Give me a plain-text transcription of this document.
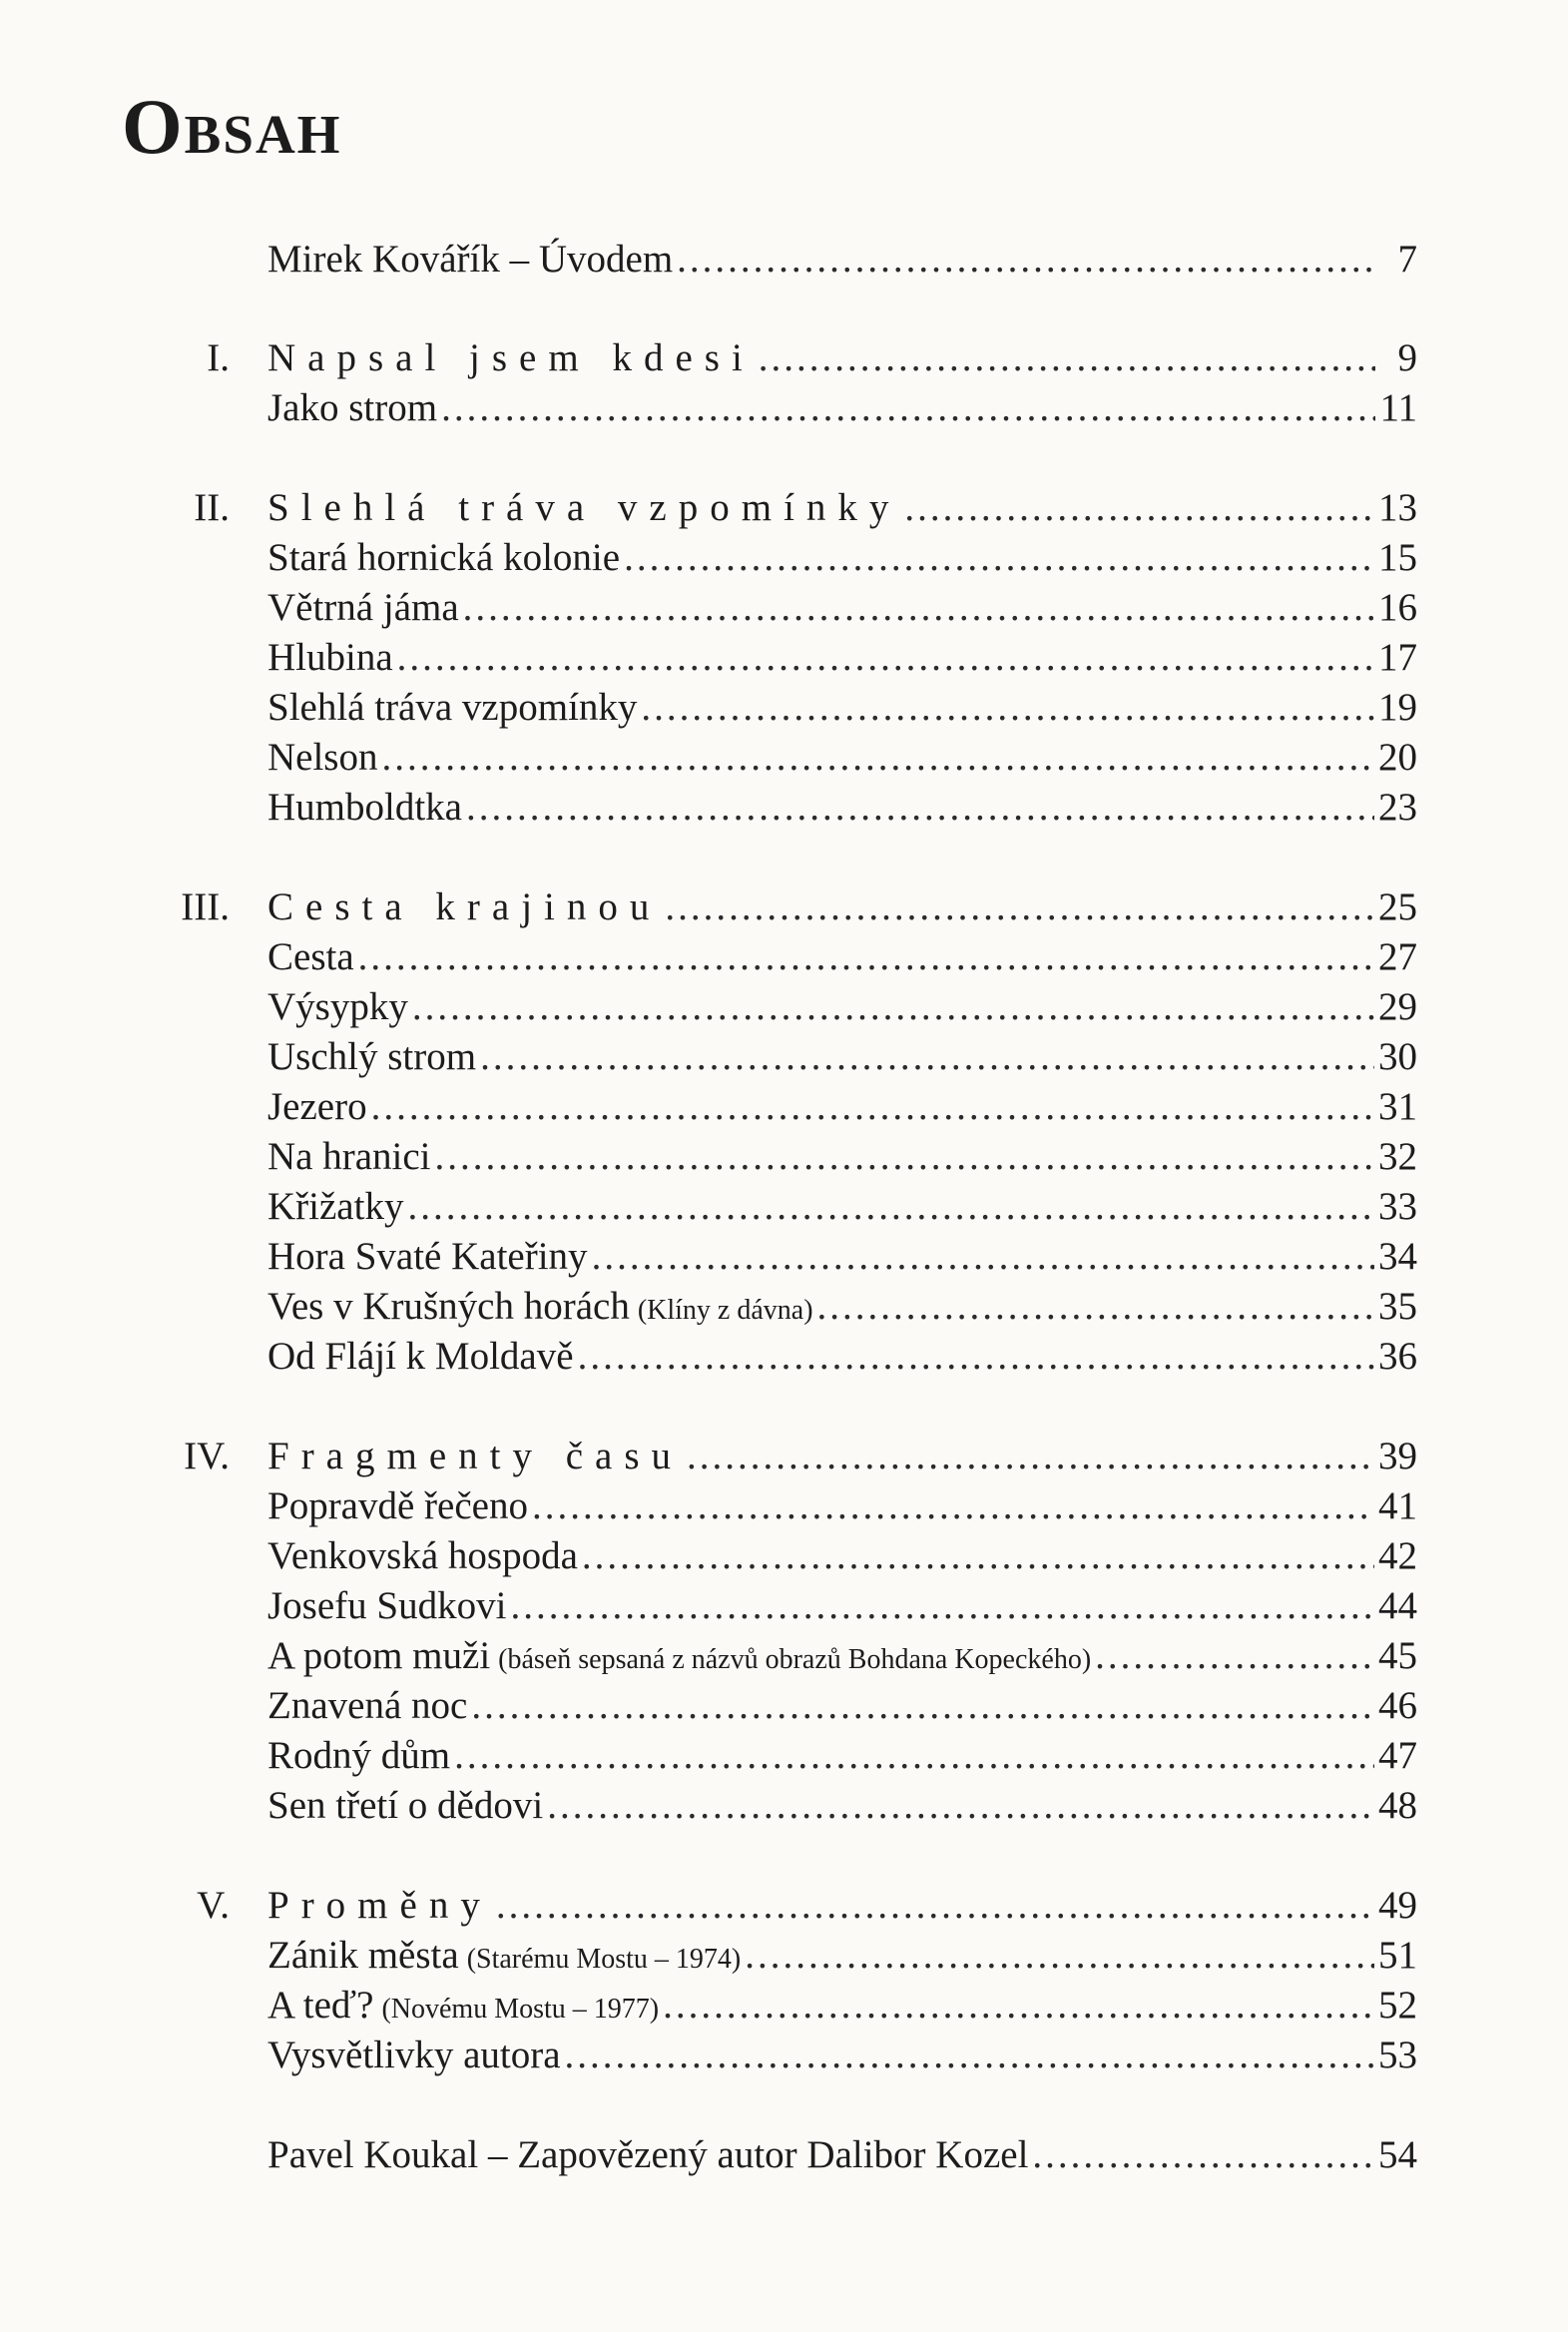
Obsah
Mirek Kovářík – Úvodem .....	7
I. Napsal jsem kdesi .....	9
Jako strom .....	11
II. Slehlá tráva vzpomínky .....	13
Stará hornická kolonie .....	15
Větrná jáma .....	16
Hlubina .....	17
Slehlá tráva vzpomínky .....	19
Nelson .....	20
Humboldtka .....	23
III. Cesta krajinou .....	25
Cesta .....	27
Výsypky .....	29
Uschlý strom .....	30
Jezero .....	31
Na hranici .....	32
Křižatky .....	33
Hora Svaté Kateřiny .....	34
Ves v Krušných horách (Klíny z dávna) .....	35
Od Flájí k Moldavě .....	36
IV. Fragmenty času .....	39
Popravdě řečeno .....	41
Venkovská hospoda .....	42
Josefu Sudkovi .....	44
A potom muži (báseň sepsaná z názvů obrazů Bohdana Kopeckého) .....	45
Znavená noc .....	46
Rodný dům .....	47
Sen třetí o dědovi .....	48
V. Proměny .....	49
Zánik města (Starému Mostu – 1974) .....	51
A teď? (Novému Mostu – 1977) .....	52
Vysvětlivky autora .....	53
Pavel Koukal – Zapovězený autor Dalibor Kozel .....	54
